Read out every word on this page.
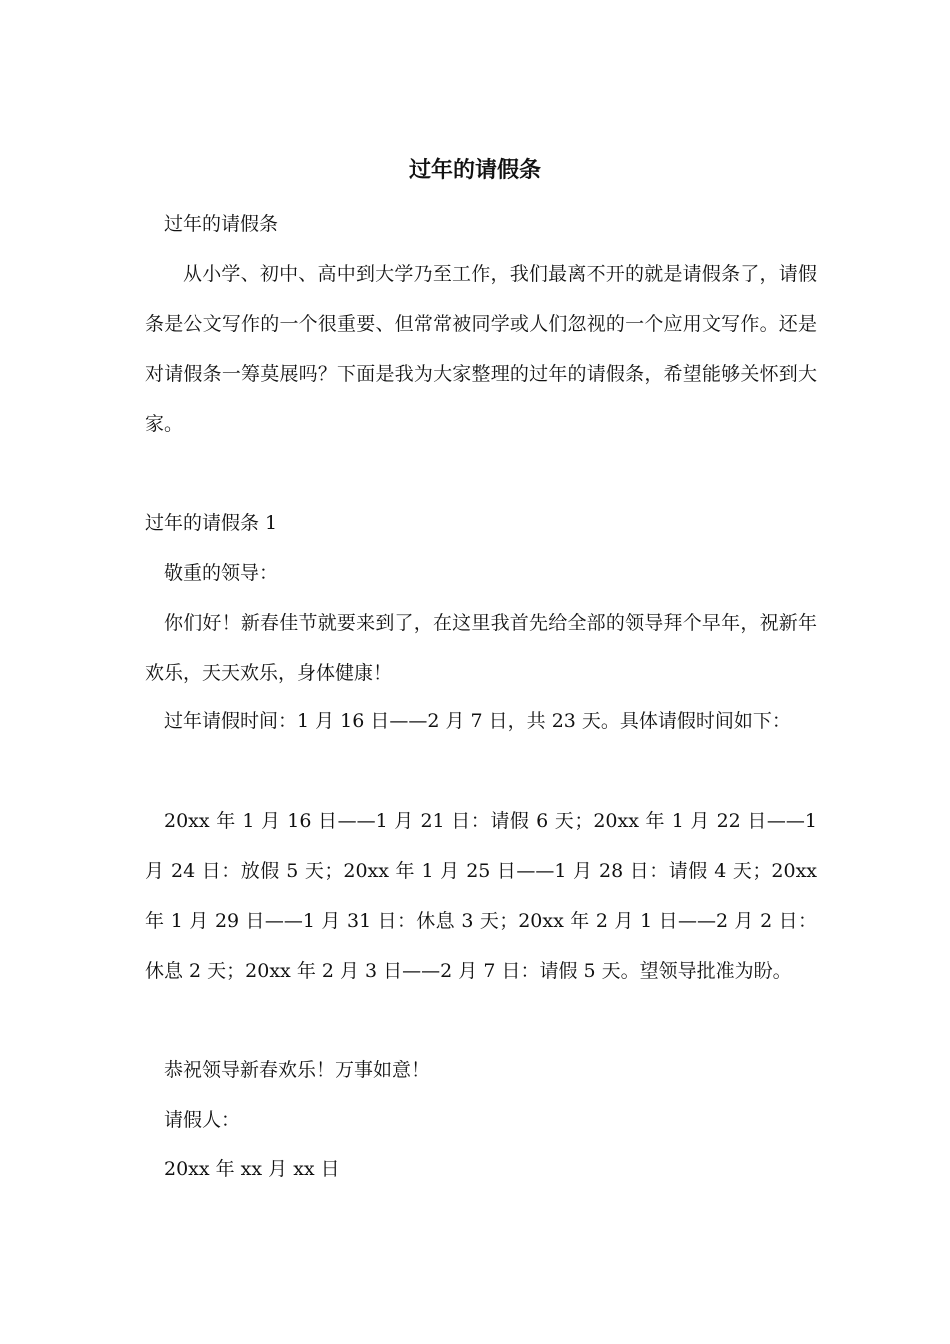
过年的请假条

过年的请假条

从小学、初中、高中到大学乃至工作，我们最离不开的就是请假条了，请假条是公文写作的一个很重要、但常常被同学或人们忽视的一个应用文写作。还是对请假条一筹莫展吗？下面是我为大家整理的过年的请假条，希望能够关怀到大家。

过年的请假条 1

敬重的领导：

你们好！新春佳节就要来到了，在这里我首先给全部的领导拜个早年，祝新年欢乐，天天欢乐，身体健康！

过年请假时间：1 月 16 日——2 月 7 日，共 23 天。具体请假时间如下：

20xx 年 1 月 16 日——1 月 21 日：请假 6 天；20xx 年 1 月 22 日——1 月 24 日：放假 5 天；20xx 年 1 月 25 日——1 月 28 日：请假 4 天；20xx 年 1 月 29 日——1 月 31 日：休息 3 天；20xx 年 2 月 1 日——2 月 2 日：休息 2 天；20xx 年 2 月 3 日——2 月 7 日：请假 5 天。望领导批准为盼。

恭祝领导新春欢乐！万事如意！

请假人：

20xx 年 xx 月 xx 日
